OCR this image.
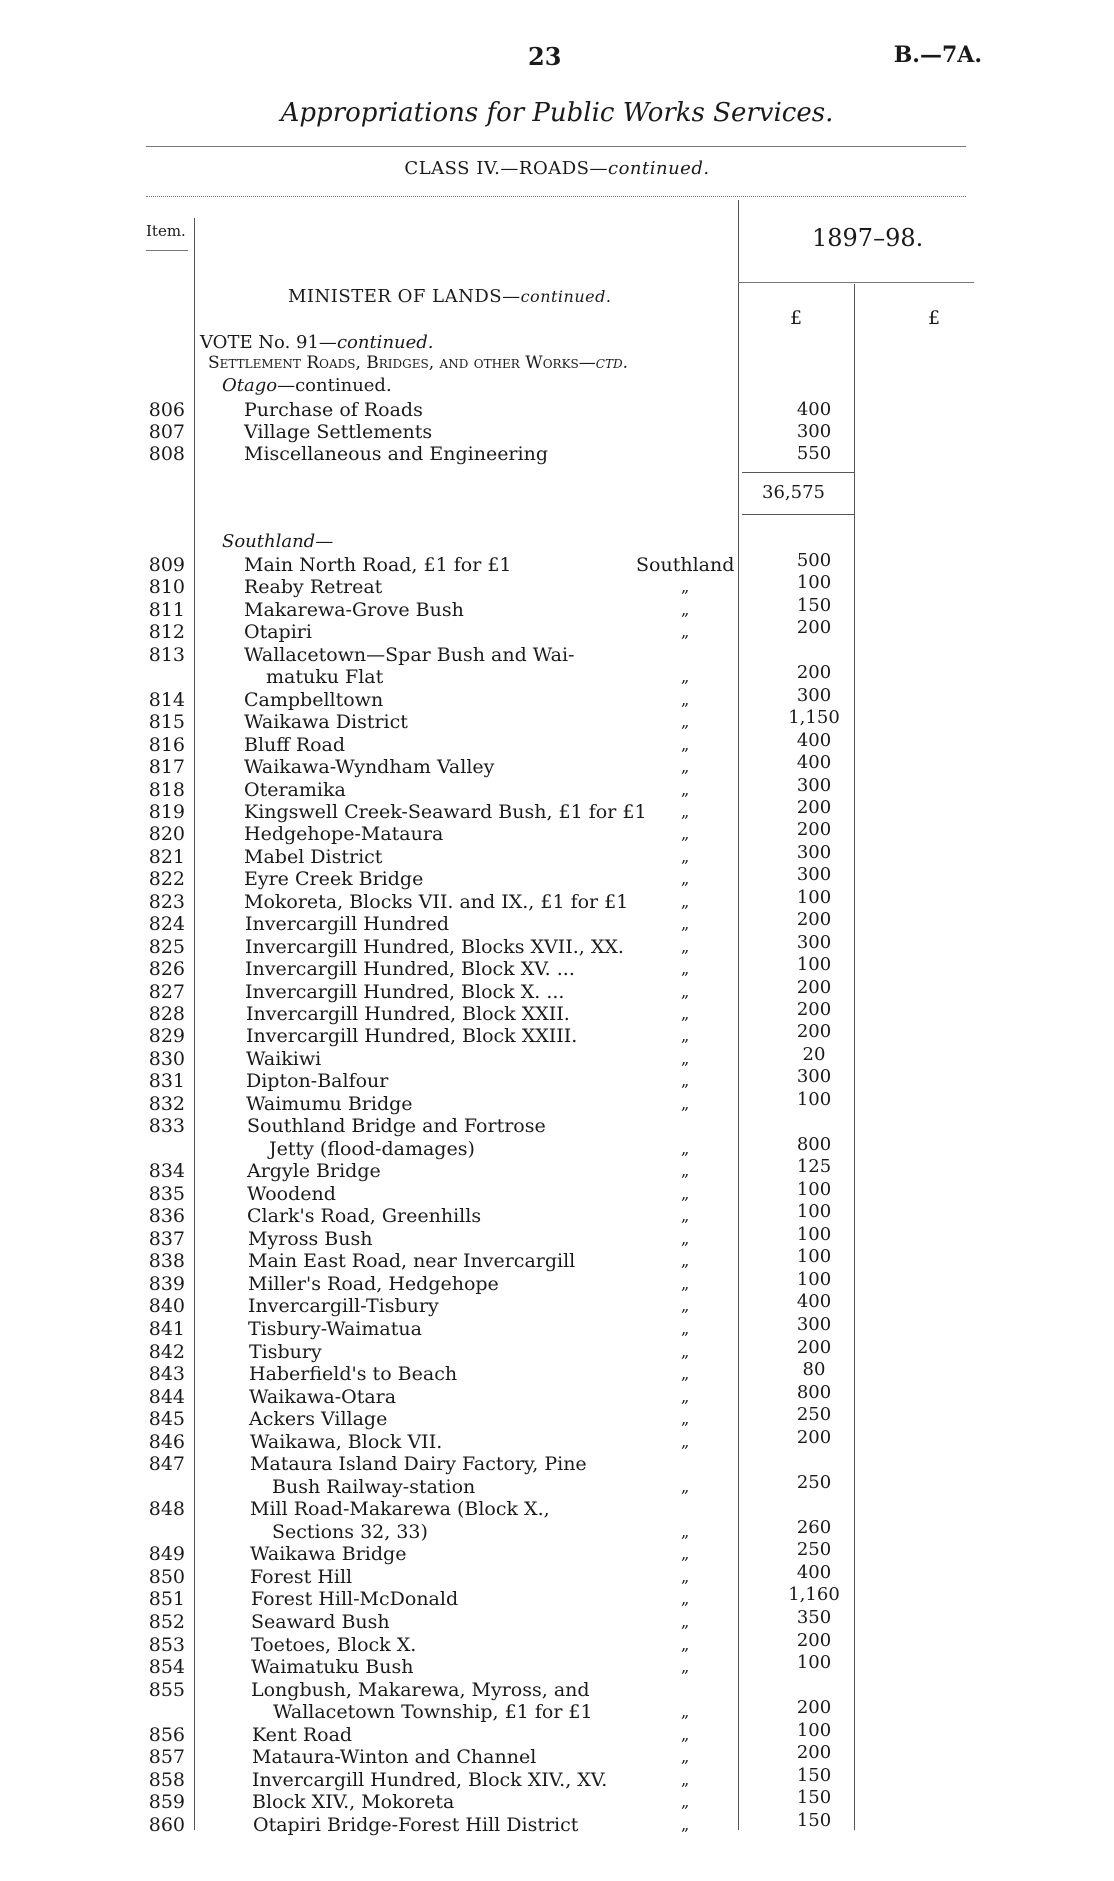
23	B.—7A.
Appropriations for Public Works Services.
CLASS IV.—ROADS—continued.
Item.	1897–98.
MINISTER OF LANDS—continued.
£	£
VOTE No. 91—continued.
Settlement Roads, Bridges, and other Works—ctd.
Otago—continued.
806	Purchase of Roads	400
807	Village Settlements	300
808	Miscellaneous and Engineering	550
36,575
Southland—
809	Main North Road, £1 for £1	Southland	500
810	Reaby Retreat	„	100
811	Makarewa-Grove Bush	„	150
812	Otapiri	„	200
813	Wallacetown—Spar Bush and Wai-
matuku Flat	„	200
814	Campbelltown	„	300
815	Waikawa District	„	1,150
816	Bluff Road	„	400
817	Waikawa-Wyndham Valley	„	400
818	Oteramika	„	300
819	Kingswell Creek-Seaward Bush, £1 for £1 „	200
820	Hedgehope-Mataura	„	200
821	Mabel District	„	300
822	Eyre Creek Bridge	„	300
823	Mokoreta, Blocks VII. and IX., £1 for £1	„	100
824	Invercargill Hundred	„	200
825	Invercargill Hundred, Blocks XVII., XX.	„	300
826	Invercargill Hundred, Block XV. ...	„	100
827	Invercargill Hundred, Block X. ...	„	200
828	Invercargill Hundred, Block XXII.	„	200
829	Invercargill Hundred, Block XXIII.	„	200
830	Waikiwi	„	20
831	Dipton-Balfour	„	300
832	Waimumu Bridge	„	100
833	Southland Bridge and Fortrose
Jetty (flood-damages)	„	800
834	Argyle Bridge	„	125
835	Woodend	„	100
836	Clark's Road, Greenhills	„	100
837	Myross Bush	„	100
838	Main East Road, near Invercargill	„	100
839	Miller's Road, Hedgehope	„	100
840	Invercargill-Tisbury	„	400
841	Tisbury-Waimatua	„	300
842	Tisbury	„	200
843	Haberfield's to Beach	„	80
844	Waikawa-Otara	„	800
845	Ackers Village	„	250
846	Waikawa, Block VII.	„	200
847	Mataura Island Dairy Factory, Pine
Bush Railway-station	„	250
848	Mill Road-Makarewa (Block X.,
Sections 32, 33)	„	260
849	Waikawa Bridge	„	250
850	Forest Hill	„	400
851	Forest Hill-McDonald	„	1,160
852	Seaward Bush	„	350
853	Toetoes, Block X.	„	200
854	Waimatuku Bush	„	100
855	Longbush, Makarewa, Myross, and
Wallacetown Township, £1 for £1	„	200
856	Kent Road	„	100
857	Mataura-Winton and Channel	„	200
858	Invercargill Hundred, Block XIV., XV.	„	150
859	Block XIV., Mokoreta	„	150
860	Otapiri Bridge-Forest Hill District	„	150
